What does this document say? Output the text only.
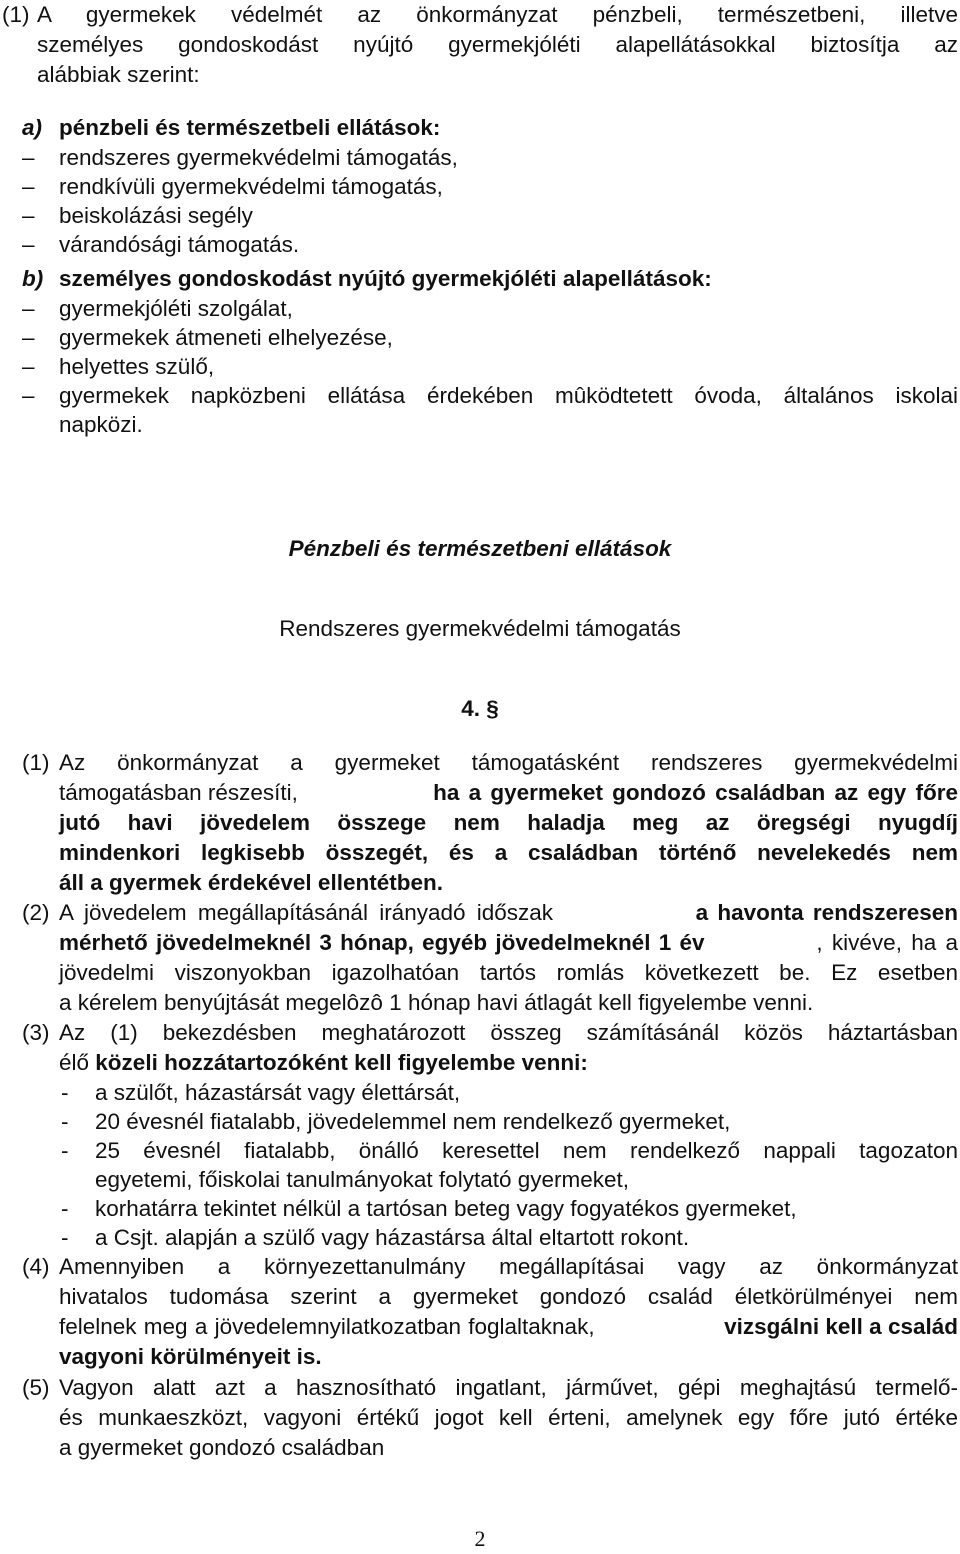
(1) A gyermekek védelmét az önkormányzat pénzbeli, természetbeni, illetve
személyes gondoskodást nyújtó gyermekjóléti alapellátásokkal biztosítja az
alábbiak szerint:
a) pénzbeli és természetbeli ellátások:
– rendszeres gyermekvédelmi támogatás,
– rendkívüli gyermekvédelmi támogatás,
– beiskolázási segély
– várandósági támogatás.
b) személyes gondoskodást nyújtó gyermekjóléti alapellátások:
– gyermekjóléti szolgálat,
– gyermekek átmeneti elhelyezése,
– helyettes szülő,
– gyermekek napközbeni ellátása érdekében mûködtetett óvoda, általános iskolai
napközi.
Pénzbeli és természetbeni ellátások
Rendszeres gyermekvédelmi támogatás
4. §
(1) Az önkormányzat a gyermeket támogatásként rendszeres gyermekvédelmi
támogatásban részesíti,	ha a gyermeket gondozó családban az egy főre
jutó havi jövedelem összege nem haladja meg az öregségi nyugdíj
mindenkori legkisebb összegét, és a családban történő nevelekedés nem
áll a gyermek érdekével ellentétben.
(2) A jövedelem megállapításánál irányadó időszak	a havonta rendszeresen
mérhető jövedelmeknél 3 hónap, egyéb jövedelmeknél 1 év	, kivéve, ha a
jövedelmi viszonyokban igazolhatóan tartós romlás következett be. Ez esetben
a kérelem benyújtását megelôzô 1 hónap havi átlagát kell figyelembe venni.
(3) Az (1) bekezdésben meghatározott összeg számításánál közös háztartásban
élő közeli hozzátartozóként kell figyelembe venni:
- a szülőt, házastársát vagy élettársát,
- 20 évesnél fiatalabb, jövedelemmel nem rendelkező gyermeket,
- 25 évesnél fiatalabb, önálló keresettel nem rendelkező nappali tagozaton
egyetemi, főiskolai tanulmányokat folytató gyermeket,
- korhatárra tekintet nélkül a tartósan beteg vagy fogyatékos gyermeket,
- a Csjt. alapján a szülő vagy házastársa által eltartott rokont.
(4) Amennyiben a környezettanulmány megállapításai vagy az önkormányzat
hivatalos tudomása szerint a gyermeket gondozó család életkörülményei nem
felelnek meg a jövedelemnyilatkozatban foglaltaknak,	vizsgálni kell a család
vagyoni körülményeit is.
(5) Vagyon alatt azt a hasznosítható ingatlant, járművet, gépi meghajtású termelő-
és munkaeszközt, vagyoni értékű jogot kell érteni, amelynek egy főre jutó értéke
a gyermeket gondozó családban
2
